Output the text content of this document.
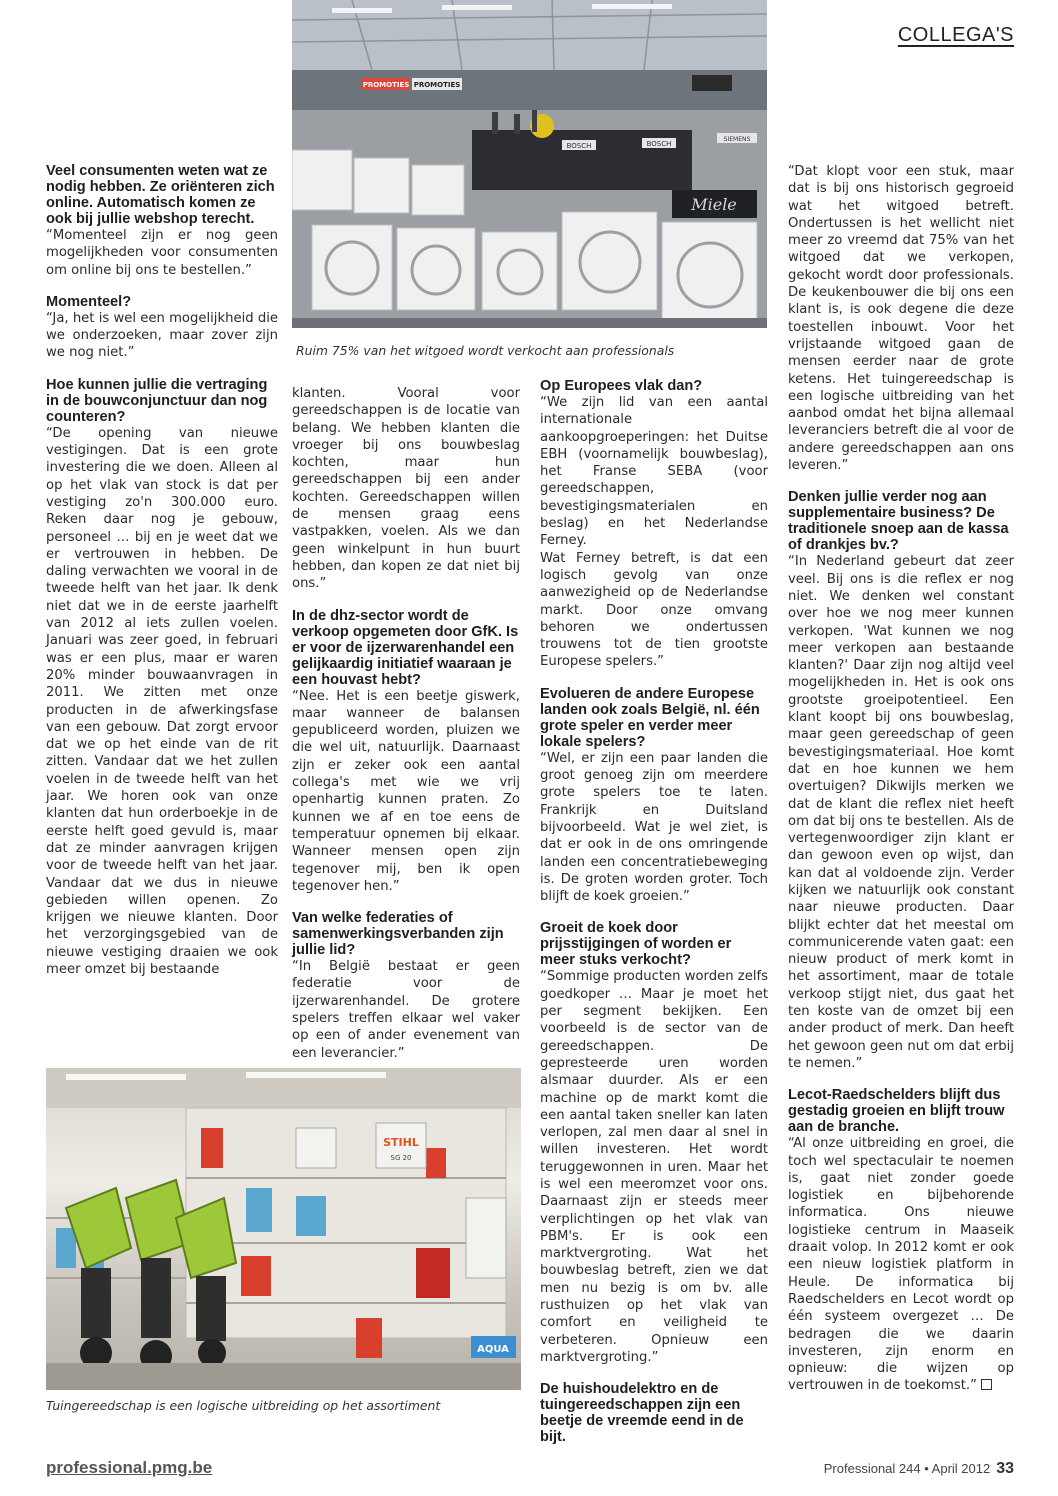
COLLEGA'S
PROMOTIES PROMOTIES
BOSCH	BOSCH
SIEMENS
Miele
Ruim 75% van het witgoed wordt verkocht aan professionals
Veel consumenten weten wat ze nodig hebben. Ze oriënteren zich online. Automatisch komen ze ook bij jullie webshop terecht.

“Momenteel zijn er nog geen mogelijkheden voor consumenten om online bij ons te bestellen.”

Momenteel?

“Ja, het is wel een mogelijkheid die we onderzoeken, maar zover zijn we nog niet.”

Hoe kunnen jullie die vertraging in de bouwconjunctuur dan nog counteren?

“De opening van nieuwe vestigingen. Dat is een grote investering die we doen. Alleen al op het vlak van stock is dat per vestiging zo'n 300.000 euro. Reken daar nog je gebouw, personeel … bij en je weet dat we er vertrouwen in hebben. De daling verwachten we vooral in de tweede helft van het jaar. Ik denk niet dat we in de eerste jaarhelft van 2012 al iets zullen voelen. Januari was zeer goed, in februari was er een plus, maar er waren 20% minder bouwaanvragen in 2011. We zitten met onze producten in de afwerkingsfase van een gebouw. Dat zorgt ervoor dat we op het einde van de rit zitten. Vandaar dat we het zullen voelen in de tweede helft van het jaar. We horen ook van onze klanten dat hun orderboekje in de eerste helft goed gevuld is, maar dat ze minder aanvragen krijgen voor de tweede helft van het jaar. Vandaar dat we dus in nieuwe gebieden willen openen. Zo krijgen we nieuwe klanten. Door het verzorgingsgebied van de nieuwe vestiging draaien we ook meer omzet bij bestaande

klanten. Vooral voor gereedschappen is de locatie van belang. We hebben klanten die vroeger bij ons bouwbeslag kochten, maar hun gereedschappen bij een ander kochten. Gereedschappen willen de mensen graag eens vastpakken, voelen. Als we dan geen winkelpunt in hun buurt hebben, dan kopen ze dat niet bij ons.”

In de dhz-sector wordt de verkoop opgemeten door GfK. Is er voor de ijzerwarenhandel een gelijkaardig initiatief waaraan je een houvast hebt?

“Nee. Het is een beetje giswerk, maar wanneer de balansen gepubliceerd worden, pluizen we die wel uit, natuurlijk. Daarnaast zijn er zeker ook een aantal collega's met wie we vrij openhartig kunnen praten. Zo kunnen we af en toe eens de temperatuur opnemen bij elkaar. Wanneer mensen open zijn tegenover mij, ben ik open tegenover hen.”

Van welke federaties of samenwerkingsverbanden zijn jullie lid?

“In België bestaat er geen federatie voor de ijzerwarenhandel. De grotere spelers treffen elkaar wel vaker op een of ander evenement van een leverancier.”

Op Europees vlak dan?

“We zijn lid van een aantal internationale aankoopgroeperingen: het Duitse EBH (voornamelijk bouwbeslag), het Franse SEBA (voor gereedschappen, bevestigingsmaterialen en beslag) en het Nederlandse Ferney.

Wat Ferney betreft, is dat een logisch gevolg van onze aanwezigheid op de Nederlandse markt. Door onze omvang behoren we ondertussen trouwens tot de tien grootste Europese spelers.”

Evolueren de andere Europese landen ook zoals België, nl. één grote speler en verder meer lokale spelers?

“Wel, er zijn een paar landen die groot genoeg zijn om meerdere grote spelers toe te laten. Frankrijk en Duitsland bijvoorbeeld. Wat je wel ziet, is dat er ook in de ons omringende landen een concentratiebeweging is. De groten worden groter. Toch blijft de koek groeien.”

Groeit de koek door prijsstijgingen of worden er meer stuks verkocht?

“Sommige producten worden zelfs goedkoper … Maar je moet het per segment bekijken. Een voorbeeld is de sector van de gereedschappen. De gepresteerde uren worden alsmaar duurder. Als er een machine op de markt komt die een aantal taken sneller kan laten verlopen, zal men daar al snel in willen investeren. Het wordt teruggewonnen in uren. Maar het is wel een meeromzet voor ons. Daarnaast zijn er steeds meer verplichtingen op het vlak van PBM's. Er is ook een marktvergroting. Wat het bouwbeslag betreft, zien we dat men nu bezig is om bv. alle rusthuizen op het vlak van comfort en veiligheid te verbeteren. Opnieuw een marktvergroting.”

De huishoudelektro en de tuingereedschappen zijn een beetje de vreemde eend in de bijt.

“Dat klopt voor een stuk, maar dat is bij ons historisch gegroeid wat het witgoed betreft. Ondertussen is het wellicht niet meer zo vreemd dat 75% van het witgoed dat we verkopen, gekocht wordt door professionals. De keukenbouwer die bij ons een klant is, is ook degene die deze toestellen inbouwt. Voor het vrijstaande witgoed gaan de mensen eerder naar de grote ketens. Het tuingereedschap is een logische uitbreiding van het aanbod omdat het bijna allemaal leveranciers betreft die al voor de andere gereedschappen aan ons leveren.”

Denken jullie verder nog aan supplementaire business? De traditionele snoep aan de kassa of drankjes bv.?

“In Nederland gebeurt dat zeer veel. Bij ons is die reflex er nog niet. We denken wel constant over hoe we nog meer kunnen verkopen. 'Wat kunnen we nog meer verkopen aan bestaande klanten?' Daar zijn nog altijd veel mogelijkheden in. Het is ook ons grootste groeipotentieel. Een klant koopt bij ons bouwbeslag, maar geen gereedschap of geen bevestigingsmateriaal. Hoe komt dat en hoe kunnen we hem overtuigen? Dikwijls merken we dat de klant die reflex niet heeft om dat bij ons te bestellen. Als de vertegenwoordiger zijn klant er dan gewoon even op wijst, dan kan dat al voldoende zijn. Verder kijken we natuurlijk ook constant naar nieuwe producten. Daar blijkt echter dat het meestal om communicerende vaten gaat: een nieuw product of merk komt in het assortiment, maar de totale verkoop stijgt niet, dus gaat het ten koste van de omzet bij een ander product of merk. Dan heeft het gewoon geen nut om dat erbij te nemen.”

Lecot-Raedschelders blijft dus gestadig groeien en blijft trouw aan de branche.

“Al onze uitbreiding en groei, die toch wel spectaculair te noemen is, gaat niet zonder goede logistiek en bijbehorende informatica. Ons nieuwe logistieke centrum in Maaseik draait volop. In 2012 komt er ook een nieuw logistiek platform in Heule. De informatica bij Raedschelders en Lecot wordt op één systeem overgezet … De bedragen die we daarin investeren, zijn enorm en opnieuw: die wijzen op vertrouwen in de toekomst.”

STIHL
SG 20
AQUA
Tuingereedschap is een logische uitbreiding op het assortiment
professional.pmg.be	Professional 244 • April 2012 33
